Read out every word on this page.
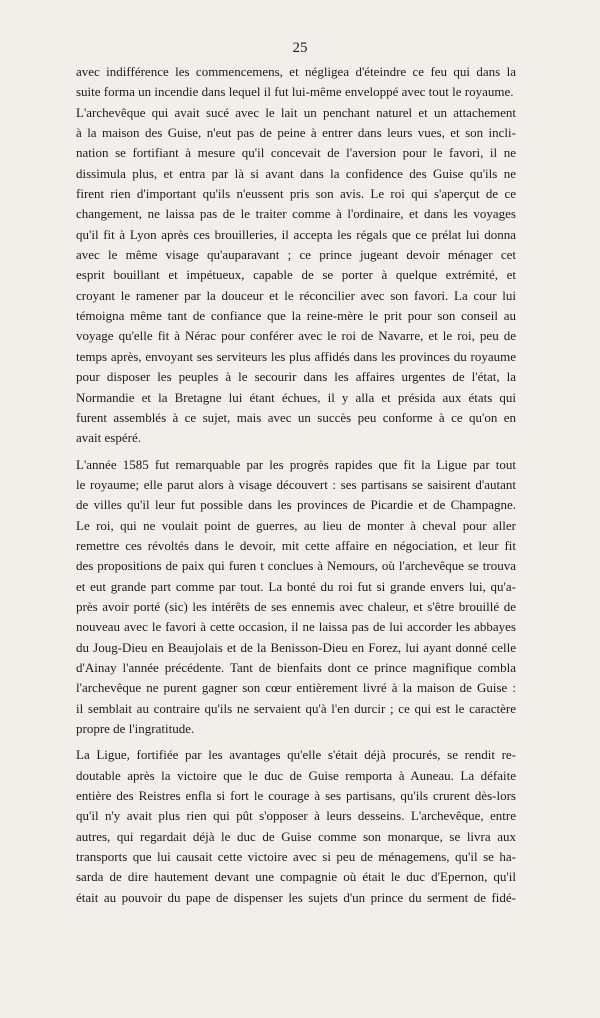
25
avec indifférence les commencemens, et négligea d'éteindre ce feu qui dans la
suite forma un incendie dans lequel il fut lui-même enveloppé avec tout le royaume.
L'archevêque qui avait sucé avec le lait un penchant naturel et un attachement
à la maison des Guise, n'eut pas de peine à entrer dans leurs vues, et son incli-
nation se fortifiant à mesure qu'il concevait de l'aversion pour le favori, il ne
dissimula plus, et entra par là si avant dans la confidence des Guise qu'ils ne
firent rien d'important qu'ils n'eussent pris son avis. Le roi qui s'aperçut de ce
changement, ne laissa pas de le traiter comme à l'ordinaire, et dans les voyages
qu'il fit à Lyon après ces brouilleries, il accepta les régals que ce prélat lui donna
avec le même visage qu'auparavant ; ce prince jugeant devoir ménager cet
esprit bouillant et impétueux, capable de se porter à quelque extrémité, et
croyant le ramener par la douceur et le réconcilier avec son favori. La cour lui
témoigna même tant de confiance que la reine-mère le prit pour son conseil au
voyage qu'elle fit à Nérac pour conférer avec le roi de Navarre, et le roi, peu de
temps après, envoyant ses serviteurs les plus affidés dans les provinces du royaume
pour disposer les peuples à le secourir dans les affaires urgentes de l'état, la
Normandie et la Bretagne lui étant échues, il y alla et présida aux états qui
furent assemblés à ce sujet, mais avec un succès peu conforme à ce qu'on en
avait espéré.
L'année 1585 fut remarquable par les progrès rapides que fit la Ligue par tout
le royaume; elle parut alors à visage découvert : ses partisans se saisirent d'autant
de villes qu'il leur fut possible dans les provinces de Picardie et de Champagne.
Le roi, qui ne voulait point de guerres, au lieu de monter à cheval pour aller
remettre ces révoltés dans le devoir, mit cette affaire en négociation, et leur fit
des propositions de paix qui furen t conclues à Nemours, où l'archevêque se trouva
et eut grande part comme par tout. La bonté du roi fut si grande envers lui, qu'a-
près avoir porté (sic) les intérêts de ses ennemis avec chaleur, et s'être brouillé de
nouveau avec le favori à cette occasion, il ne laissa pas de lui accorder les abbayes
du Joug-Dieu en Beaujolais et de la Benisson-Dieu en Forez, lui ayant donné celle
d'Ainay l'année précédente. Tant de bienfaits dont ce prince magnifique combla
l'archevêque ne purent gagner son cœur entièrement livré à la maison de Guise :
il semblait au contraire qu'ils ne servaient qu'à l'en durcir ; ce qui est le caractère
propre de l'ingratitude.
La Ligue, fortifiée par les avantages qu'elle s'était déjà procurés, se rendit re-
doutable après la victoire que le duc de Guise remporta à Auneau. La défaite
entière des Reistres enfla si fort le courage à ses partisans, qu'ils crurent dès-lors
qu'il n'y avait plus rien qui pût s'opposer à leurs desseins. L'archevêque, entre
autres, qui regardait déjà le duc de Guise comme son monarque, se livra aux
transports que lui causait cette victoire avec si peu de ménagemens, qu'il se ha-
sarda de dire hautement devant une compagnie où était le duc d'Epernon, qu'il
était au pouvoir du pape de dispenser les sujets d'un prince du serment de fidé-
